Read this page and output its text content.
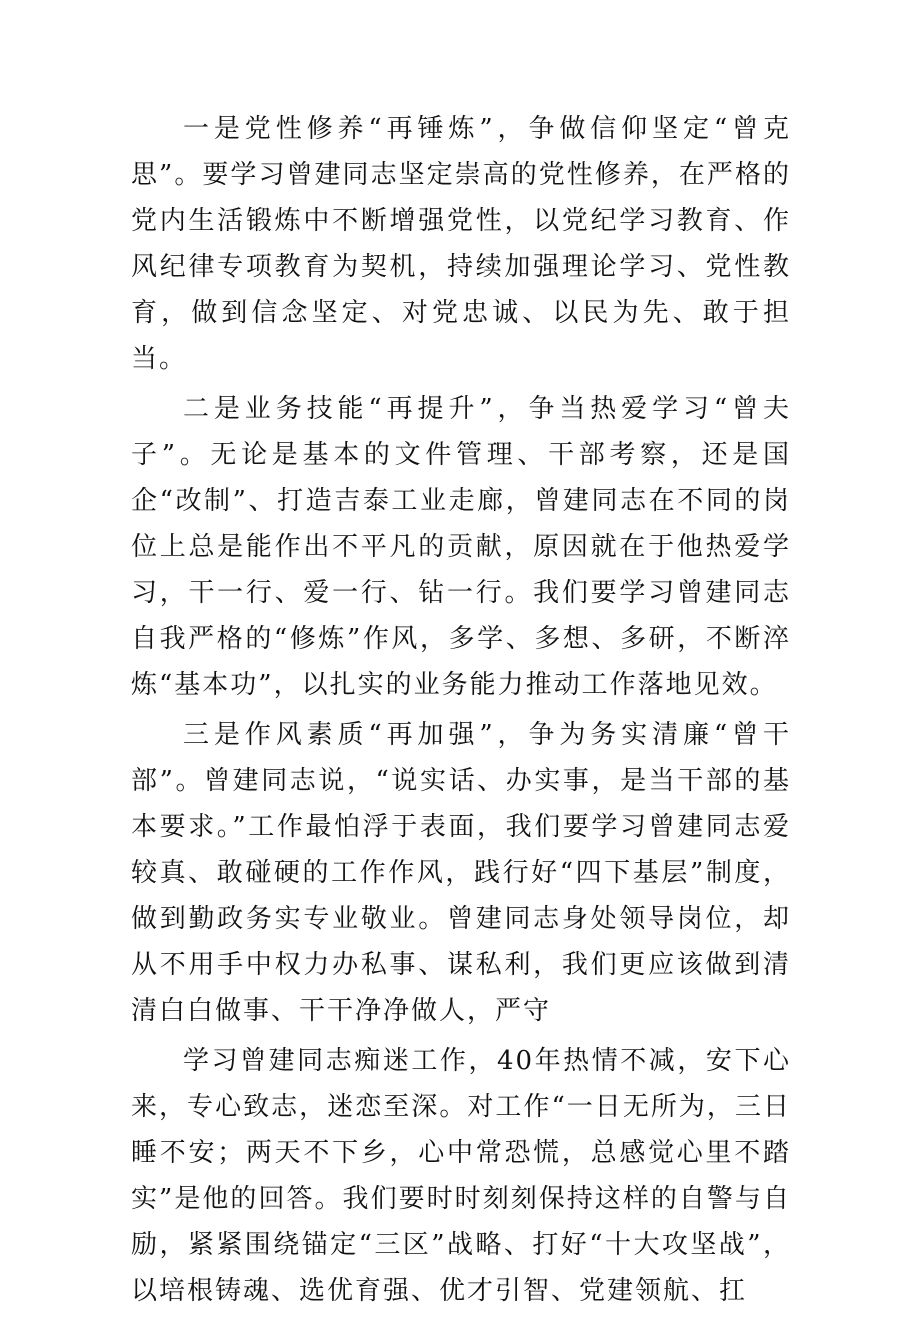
一是党性修养“再锤炼”，争做信仰坚定“曾克思”。要学习曾建同志坚定崇高的党性修养，在严格的党内生活锻炼中不断增强党性，以党纪学习教育、作风纪律专项教育为契机，持续加强理论学习、党性教育，做到信念坚定、对党忠诚、以民为先、敢于担当。

二是业务技能“再提升”，争当热爱学习“曾夫子”。无论是基本的文件管理、干部考察，还是国企“改制”、打造吉泰工业走廊，曾建同志在不同的岗位上总是能作出不平凡的贡献，原因就在于他热爱学习，干一行、爱一行、钻一行。我们要学习曾建同志自我严格的“修炼”作风，多学、多想、多研，不断淬炼“基本功”，以扎实的业务能力推动工作落地见效。

三是作风素质“再加强”，争为务实清廉“曾干部”。曾建同志说，“说实话、办实事，是当干部的基本要求。”工作最怕浮于表面，我们要学习曾建同志爱较真、敢碰硬的工作作风，践行好“四下基层”制度，做到勤政务实专业敬业。曾建同志身处领导岗位，却从不用手中权力办私事、谋私利，我们更应该做到清清白白做事、干干净净做人，严守

学习曾建同志痴迷工作，40年热情不减，安下心来，专心致志，迷恋至深。对工作“一日无所为，三日睡不安；两天不下乡，心中常恐慌，总感觉心里不踏实”是他的回答。我们要时时刻刻保持这样的自警与自励，紧紧围绕锚定“三区”战略、打好“十大攻坚战”，以培根铸魂、选优育强、优才引智、党建领航、扛
